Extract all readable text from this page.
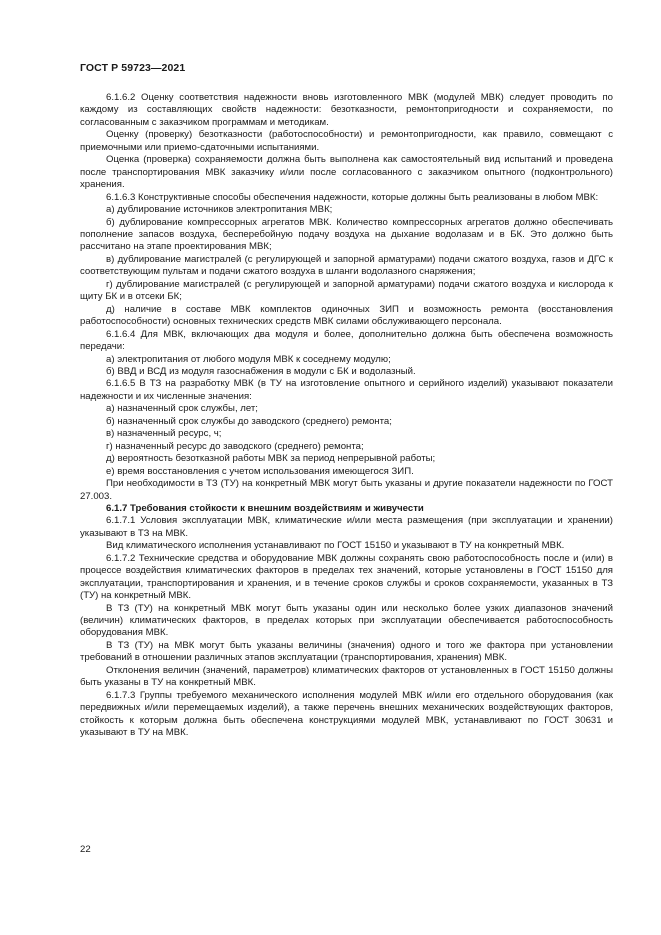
ГОСТ Р 59723—2021

6.1.6.2 Оценку соответствия надежности вновь изготовленного МВК (модулей МВК) следует проводить по каждому из составляющих свойств надежности: безотказности, ремонтопригодности и сохраняемости, по согласованным с заказчиком программам и методикам.

Оценку (проверку) безотказности (работоспособности) и ремонтопригодности, как правило, совмещают с приемочными или приемо-сдаточными испытаниями.

Оценка (проверка) сохраняемости должна быть выполнена как самостоятельный вид испытаний и проведена после транспортирования МВК заказчику и/или после согласованного с заказчиком опытного (подконтрольного) хранения.

6.1.6.3 Конструктивные способы обеспечения надежности, которые должны быть реализованы в любом МВК:

а) дублирование источников электропитания МВК;

б) дублирование компрессорных агрегатов МВК. Количество компрессорных агрегатов должно обеспечивать пополнение запасов воздуха, бесперебойную подачу воздуха на дыхание водолазам и в БК. Это должно быть рассчитано на этапе проектирования МВК;

в) дублирование магистралей (с регулирующей и запорной арматурами) подачи сжатого воздуха, газов и ДГС к соответствующим пультам и подачи сжатого воздуха в шланги водолазного снаряжения;

г) дублирование магистралей (с регулирующей и запорной арматурами) подачи сжатого воздуха и кислорода к щиту БК и в отсеки БК;

д) наличие в составе МВК комплектов одиночных ЗИП и возможность ремонта (восстановления работоспособности) основных технических средств МВК силами обслуживающего персонала.

6.1.6.4 Для МВК, включающих два модуля и более, дополнительно должна быть обеспечена возможность передачи:

а) электропитания от любого модуля МВК к соседнему модулю;

б) ВВД и ВСД из модуля газоснабжения в модули с БК и водолазный.

6.1.6.5 В ТЗ на разработку МВК (в ТУ на изготовление опытного и серийного изделий) указывают показатели надежности и их численные значения:

а) назначенный срок службы, лет;

б) назначенный срок службы до заводского (среднего) ремонта;

в) назначенный ресурс, ч;

г) назначенный ресурс до заводского (среднего) ремонта;

д) вероятность безотказной работы МВК за период непрерывной работы;

е) время восстановления с учетом использования имеющегося ЗИП.

При необходимости в ТЗ (ТУ) на конкретный МВК могут быть указаны и другие показатели надежности по ГОСТ 27.003.

6.1.7 Требования стойкости к внешним воздействиям и живучести

6.1.7.1 Условия эксплуатации МВК, климатические и/или места размещения (при эксплуатации и хранении) указывают в ТЗ на МВК.

Вид климатического исполнения устанавливают по ГОСТ 15150 и указывают в ТУ на конкретный МВК.

6.1.7.2 Технические средства и оборудование МВК должны сохранять свою работоспособность после и (или) в процессе воздействия климатических факторов в пределах тех значений, которые установлены в ГОСТ 15150 для эксплуатации, транспортирования и хранения, и в течение сроков службы и сроков сохраняемости, указанных в ТЗ (ТУ) на конкретный МВК.

В ТЗ (ТУ) на конкретный МВК могут быть указаны один или несколько более узких диапазонов значений (величин) климатических факторов, в пределах которых при эксплуатации обеспечивается работоспособность оборудования МВК.

В ТЗ (ТУ) на МВК могут быть указаны величины (значения) одного и того же фактора при установлении требований в отношении различных этапов эксплуатации (транспортирования, хранения) МВК.

Отклонения величин (значений, параметров) климатических факторов от установленных в ГОСТ 15150 должны быть указаны в ТУ на конкретный МВК.

6.1.7.3 Группы требуемого механического исполнения модулей МВК и/или его отдельного оборудования (как передвижных и/или перемещаемых изделий), а также перечень внешних механических воздействующих факторов, стойкость к которым должна быть обеспечена конструкциями модулей МВК, устанавливают по ГОСТ 30631 и указывают в ТУ на МВК.

22
